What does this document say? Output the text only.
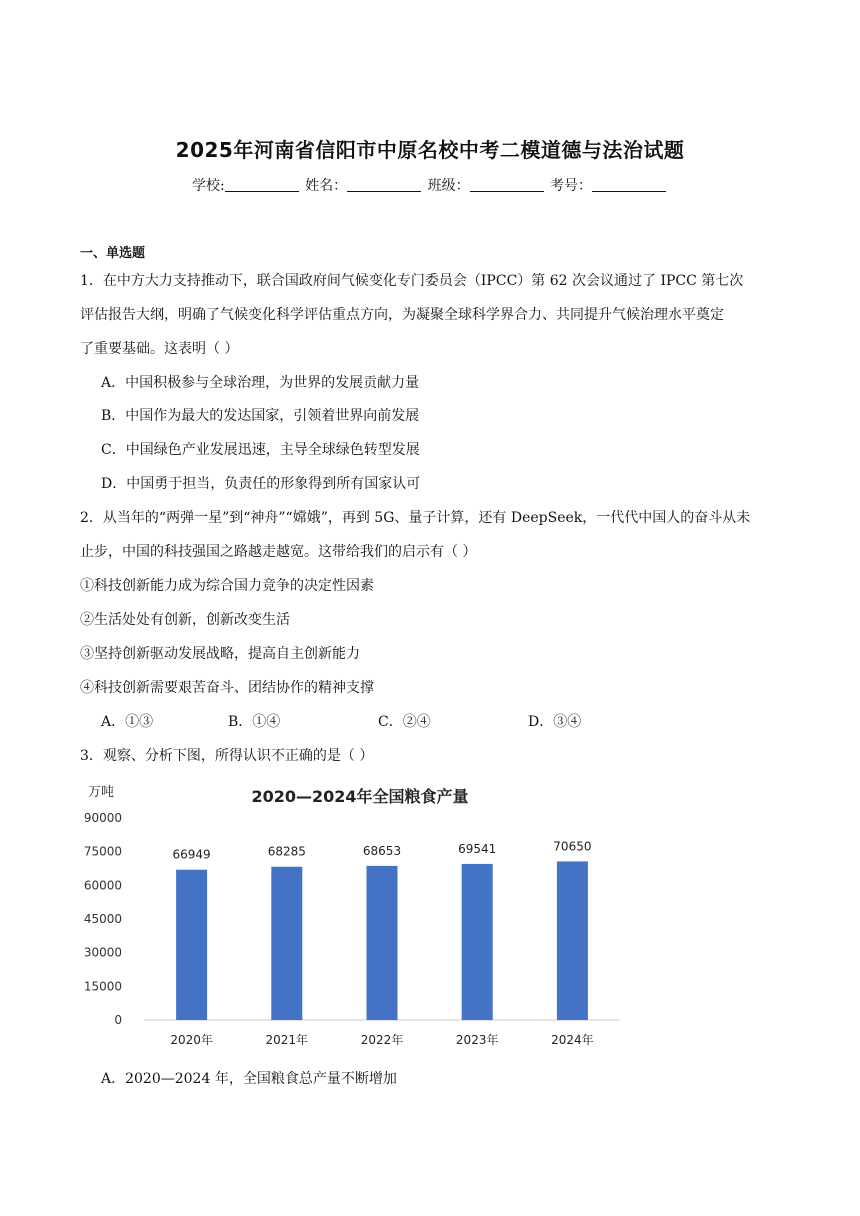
2025年河南省信阳市中原名校中考二模道德与法治试题
学校:	姓名：	班级：	考号：
一、单选题
1．在中方大力支持推动下，联合国政府间气候变化专门委员会（IPCC）第 62 次会议通过了 IPCC 第七次
评估报告大纲，明确了气候变化科学评估重点方向，为凝聚全球科学界合力、共同提升气候治理水平奠定
了重要基础。这表明（ ）
A．中国积极参与全球治理，为世界的发展贡献力量
B．中国作为最大的发达国家，引领着世界向前发展
C．中国绿色产业发展迅速，主导全球绿色转型发展
D．中国勇于担当，负责任的形象得到所有国家认可
2．从当年的“两弹一星”到“神舟”“嫦娥”，再到 5G、量子计算，还有 DeepSeek，一代代中国人的奋斗从未
止步，中国的科技强国之路越走越宽。这带给我们的启示有（ ）
①科技创新能力成为综合国力竞争的决定性因素
②生活处处有创新，创新改变生活
③坚持创新驱动发展战略，提高自主创新能力
④科技创新需要艰苦奋斗、团结协作的精神支撑
A．①③	B．①④	C．②④	D．③④
3．观察、分析下图，所得认识不正确的是（ ）
万吨	2020—2024年全国粮食产量
0
15000
30000
45000
60000
75000
90000
66949	68285	68653	69541	70650
2020年	2021年	2022年	2023年	2024年
A．2020—2024 年，全国粮食总产量不断增加
